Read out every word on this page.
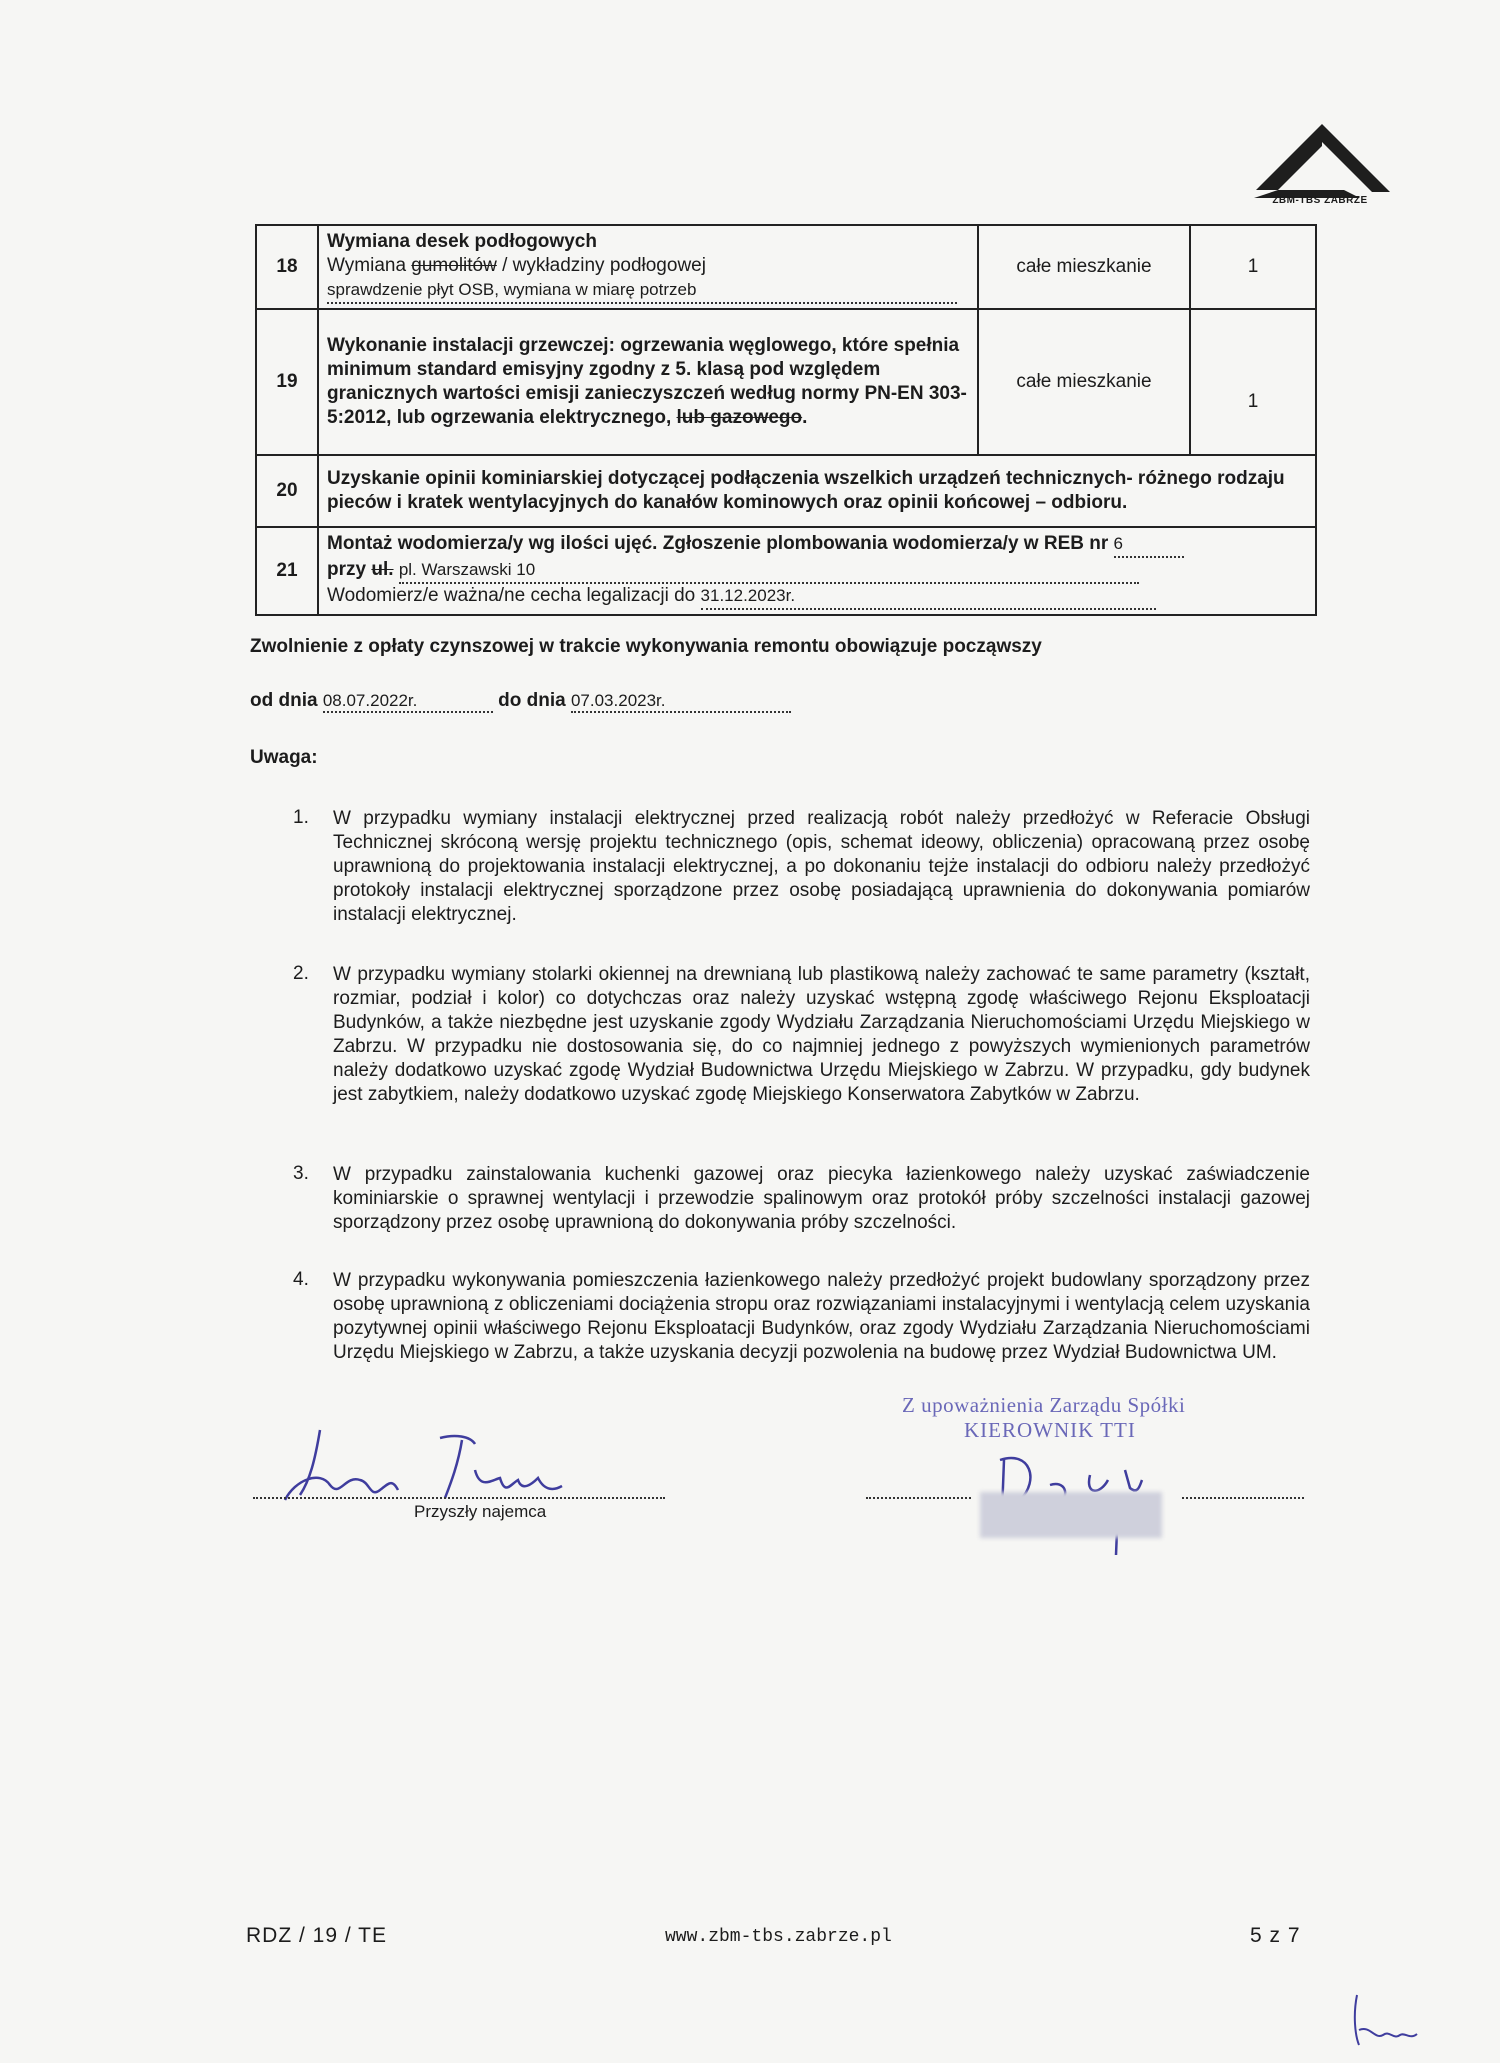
ZBM-TBS ZABRZE
18	Wymiana desek podłogowych
Wymiana gumolitów / wykładziny podłogowej
sprawdzenie płyt OSB, wymiana w miarę potrzeb	całe mieszkanie	1
19	Wykonanie instalacji grzewczej: ogrzewania węglowego, które spełnia minimum standard emisyjny zgodny z 5. klasą pod względem granicznych wartości emisji zanieczyszczeń według normy PN-EN 303-5:2012, lub ogrzewania elektrycznego, lub gazowego.	całe mieszkanie	1
20	Uzyskanie opinii kominiarskiej dotyczącej podłączenia wszelkich urządzeń technicznych- różnego rodzaju pieców i kratek wentylacyjnych do kanałów kominowych oraz opinii końcowej – odbioru.		
21	Montaż wodomierza/y wg ilości ujęć. Zgłoszenie plombowania wodomierza/y w REB nr 6
przy ul. pl. Warszawski 10
Wodomierz/e ważna/ne cecha legalizacji do 31.12.2023r.		
Zwolnienie z opłaty czynszowej w trakcie wykonywania remontu obowiązuje począwszy
od dnia 08.07.2022r.	do dnia 07.03.2023r.
Uwaga:
1. W przypadku wymiany instalacji elektrycznej przed realizacją robót należy przedłożyć w Referacie Obsługi Technicznej skróconą wersję projektu technicznego (opis, schemat ideowy, obliczenia) opracowaną przez osobę uprawnioną do projektowania instalacji elektrycznej, a po dokonaniu tejże instalacji do odbioru należy przedłożyć protokoły instalacji elektrycznej sporządzone przez osobę posiadającą uprawnienia do dokonywania pomiarów instalacji elektrycznej.
2. W przypadku wymiany stolarki okiennej na drewnianą lub plastikową należy zachować te same parametry (kształt, rozmiar, podział i kolor) co dotychczas oraz należy uzyskać wstępną zgodę właściwego Rejonu Eksploatacji Budynków, a także niezbędne jest uzyskanie zgody Wydziału Zarządzania Nieruchomościami Urzędu Miejskiego w Zabrzu. W przypadku nie dostosowania się, do co najmniej jednego z powyższych wymienionych parametrów należy dodatkowo uzyskać zgodę Wydział Budownictwa Urzędu Miejskiego w Zabrzu. W przypadku, gdy budynek jest zabytkiem, należy dodatkowo uzyskać zgodę Miejskiego Konserwatora Zabytków w Zabrzu.
3. W przypadku zainstalowania kuchenki gazowej oraz piecyka łazienkowego należy uzyskać zaświadczenie kominiarskie o sprawnej wentylacji i przewodzie spalinowym oraz protokół próby szczelności instalacji gazowej sporządzony przez osobę uprawnioną do dokonywania próby szczelności.
4. W przypadku wykonywania pomieszczenia łazienkowego należy przedłożyć projekt budowlany sporządzony przez osobę uprawnioną z obliczeniami dociążenia stropu oraz rozwiązaniami instalacyjnymi i wentylacją celem uzyskania pozytywnej opinii właściwego Rejonu Eksploatacji Budynków, oraz zgody Wydziału Zarządzania Nieruchomościami Urzędu Miejskiego w Zabrzu, a także uzyskania decyzji pozwolenia na budowę przez Wydział Budownictwa UM.
Przyszły najemca
Z upoważnienia Zarządu Spółki
KIEROWNIK TTI
RDZ / 19 / TE	www.zbm-tbs.zabrze.pl	5 z 7
